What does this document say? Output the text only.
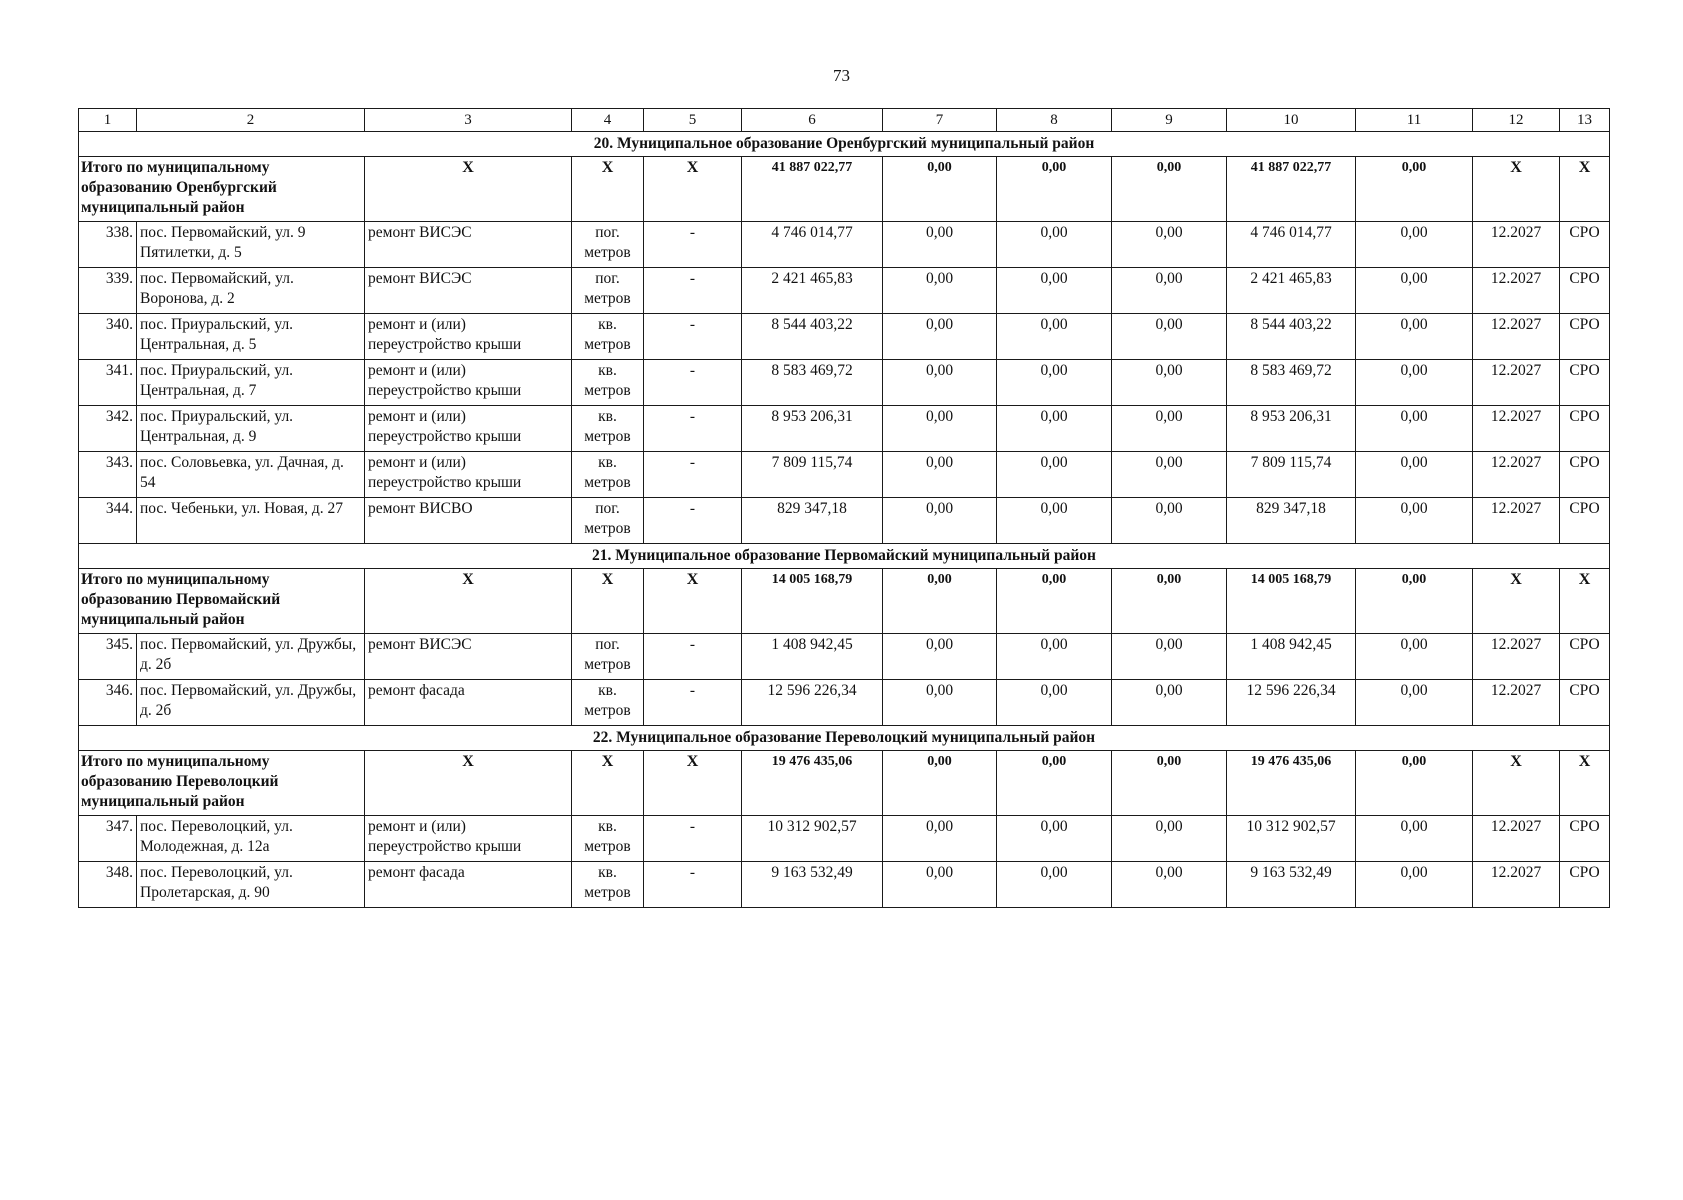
73
1	2	3	4	5	6	7	8	9	10	11	12	13
20. Муниципальное образование Оренбургский муниципальный район												
Итого по муниципальному образованию Оренбургский муниципальный район		Х	Х	Х	41 887 022,77	0,00	0,00	0,00	41 887 022,77	0,00	Х	Х
338.	пос. Первомайский, ул. 9 Пятилетки, д. 5	ремонт ВИСЭС	пог. метров	-	4 746 014,77	0,00	0,00	0,00	4 746 014,77	0,00	12.2027	СРО
339.	пос. Первомайский, ул. Воронова, д. 2	ремонт ВИСЭС	пог. метров	-	2 421 465,83	0,00	0,00	0,00	2 421 465,83	0,00	12.2027	СРО
340.	пос. Приуральский, ул. Центральная, д. 5	ремонт и (или) переустройство крыши	кв. метров	-	8 544 403,22	0,00	0,00	0,00	8 544 403,22	0,00	12.2027	СРО
341.	пос. Приуральский, ул. Центральная, д. 7	ремонт и (или) переустройство крыши	кв. метров	-	8 583 469,72	0,00	0,00	0,00	8 583 469,72	0,00	12.2027	СРО
342.	пос. Приуральский, ул. Центральная, д. 9	ремонт и (или) переустройство крыши	кв. метров	-	8 953 206,31	0,00	0,00	0,00	8 953 206,31	0,00	12.2027	СРО
343.	пос. Соловьевка, ул. Дачная, д. 54	ремонт и (или) переустройство крыши	кв. метров	-	7 809 115,74	0,00	0,00	0,00	7 809 115,74	0,00	12.2027	СРО
344.	пос. Чебеньки, ул. Новая, д. 27	ремонт ВИСВО	пог. метров	-	829 347,18	0,00	0,00	0,00	829 347,18	0,00	12.2027	СРО
21. Муниципальное образование Первомайский муниципальный район												
Итого по муниципальному образованию Первомайский муниципальный район		Х	Х	Х	14 005 168,79	0,00	0,00	0,00	14 005 168,79	0,00	Х	Х
345.	пос. Первомайский, ул. Дружбы, д. 2б	ремонт ВИСЭС	пог. метров	-	1 408 942,45	0,00	0,00	0,00	1 408 942,45	0,00	12.2027	СРО
346.	пос. Первомайский, ул. Дружбы, д. 2б	ремонт фасада	кв. метров	-	12 596 226,34	0,00	0,00	0,00	12 596 226,34	0,00	12.2027	СРО
22. Муниципальное образование Переволоцкий муниципальный район												
Итого по муниципальному образованию Переволоцкий муниципальный район		Х	Х	Х	19 476 435,06	0,00	0,00	0,00	19 476 435,06	0,00	Х	Х
347.	пос. Переволоцкий, ул. Молодежная, д. 12а	ремонт и (или) переустройство крыши	кв. метров	-	10 312 902,57	0,00	0,00	0,00	10 312 902,57	0,00	12.2027	СРО
348.	пос. Переволоцкий, ул. Пролетарская, д. 90	ремонт фасада	кв. метров	-	9 163 532,49	0,00	0,00	0,00	9 163 532,49	0,00	12.2027	СРО
